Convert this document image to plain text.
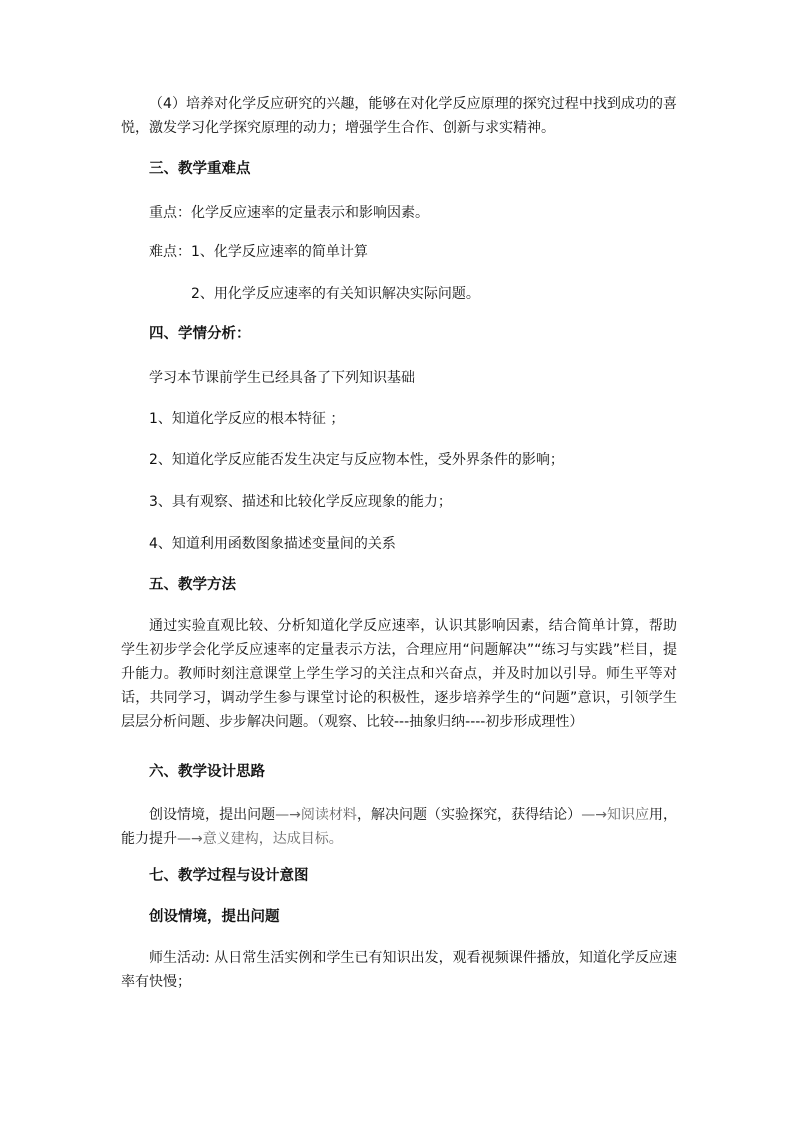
（4）培养对化学反应研究的兴趣，能够在对化学反应原理的探究过程中找到成功的喜悦，激发学习化学探究原理的动力；增强学生合作、创新与求实精神。
三、教学重难点
重点：化学反应速率的定量表示和影响因素。
难点：1、化学反应速率的简单计算
2、用化学反应速率的有关知识解决实际问题。
四、学情分析：
学习本节课前学生已经具备了下列知识基础
1、知道化学反应的根本特征 ；
2、知道化学反应能否发生决定与反应物本性，受外界条件的影响；
3、具有观察、描述和比较化学反应现象的能力；
4、知道利用函数图象描述变量间的关系
五、教学方法
通过实验直观比较、分析知道化学反应速率，认识其影响因素，结合简单计算，帮助学生初步学会化学反应速率的定量表示方法，合理应用“问题解决”“练习与实践”栏目，提升能力。教师时刻注意课堂上学生学习的关注点和兴奋点，并及时加以引导。师生平等对话，共同学习，调动学生参与课堂讨论的积极性，逐步培养学生的“问题”意识，引领学生层层分析问题、步步解决问题。（观察、比较---抽象归纳----初步形成理性）
六、教学设计思路
创设情境，提出问题—→阅读材料，解决问题（实验探究，获得结论）—→知识应用，能力提升—→意义建构，达成目标。
七、教学过程与设计意图
创设情境，提出问题
师生活动: 从日常生活实例和学生已有知识出发，观看视频课件播放，知道化学反应速率有快慢；
